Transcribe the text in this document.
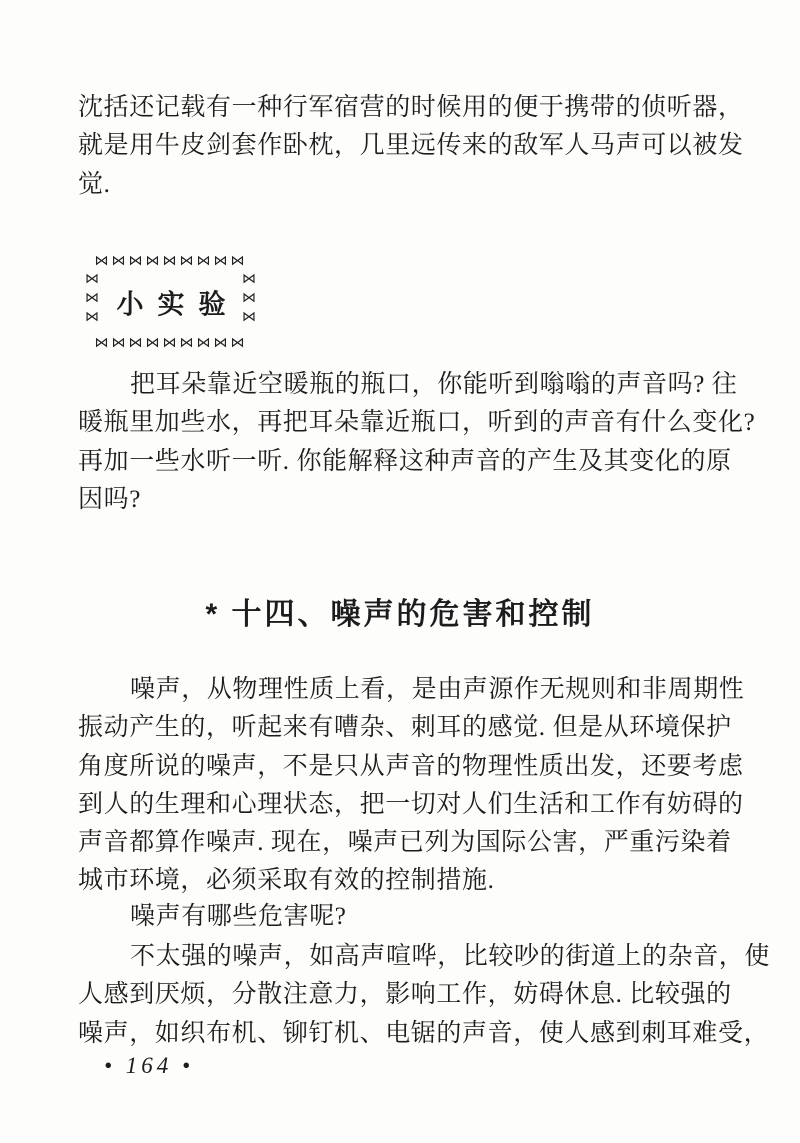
沈括还记载有一种行军宿营的时候用的便于携带的侦听器，
就是用牛皮剑套作卧枕，几里远传来的敌军人马声可以被发
觉.
⋈⋈⋈⋈⋈⋈⋈⋈⋈
⋈⋈⋈⋈⋈⋈⋈⋈⋈
⋈⋈⋈
⋈⋈⋈
小实验
把耳朵靠近空暖瓶的瓶口，你能听到嗡嗡的声音吗? 往
暖瓶里加些水，再把耳朵靠近瓶口，听到的声音有什么变化?
再加一些水听一听. 你能解释这种声音的产生及其变化的原
因吗?
* 十四、噪声的危害和控制
噪声，从物理性质上看，是由声源作无规则和非周期性
振动产生的，听起来有嘈杂、刺耳的感觉. 但是从环境保护
角度所说的噪声，不是只从声音的物理性质出发，还要考虑
到人的生理和心理状态，把一切对人们生活和工作有妨碍的
声音都算作噪声. 现在，噪声已列为国际公害，严重污染着
城市环境，必须采取有效的控制措施.
噪声有哪些危害呢?
不太强的噪声，如高声喧哗，比较吵的街道上的杂音，使
人感到厌烦，分散注意力，影响工作，妨碍休息. 比较强的
噪声，如织布机、铆钉机、电锯的声音，使人感到刺耳难受，
• 164 •
